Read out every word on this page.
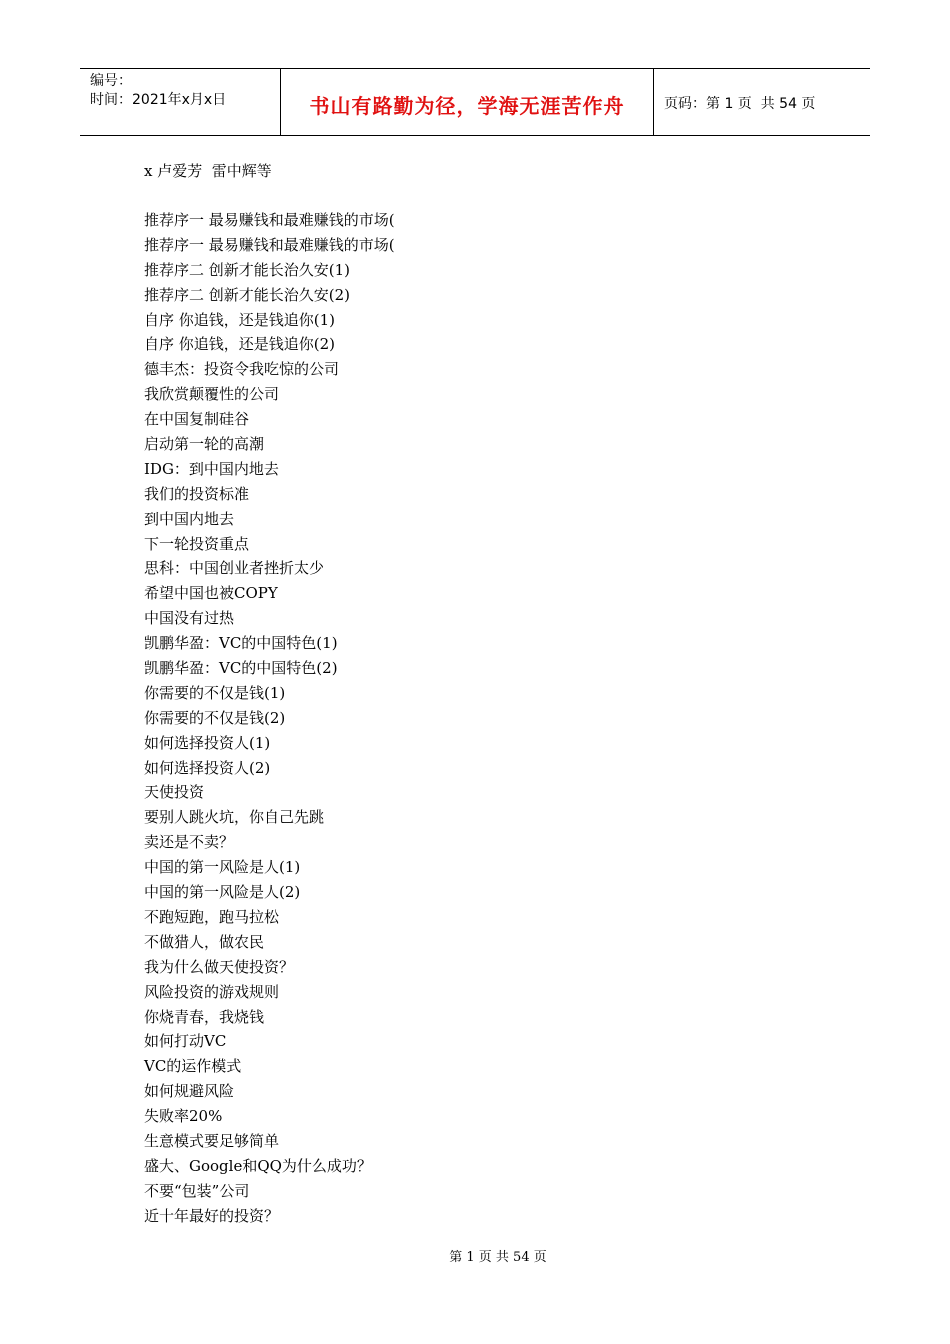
编号：
时间：2021年x月x日	书山有路勤为径，学海无涯苦作舟	页码：第 1 页  共 54 页
x 卢爱芳  雷中辉等
推荐序一 最易赚钱和最难赚钱的市场(
推荐序一 最易赚钱和最难赚钱的市场(
推荐序二 创新才能长治久安(1)
推荐序二 创新才能长治久安(2)
自序 你追钱，还是钱追你(1)
自序 你追钱，还是钱追你(2)
德丰杰：投资令我吃惊的公司
我欣赏颠覆性的公司
在中国复制硅谷
启动第一轮的高潮
IDG：到中国内地去
我们的投资标准
到中国内地去
下一轮投资重点
思科：中国创业者挫折太少
希望中国也被COPY
中国没有过热
凯鹏华盈：VC的中国特色(1)
凯鹏华盈：VC的中国特色(2)
你需要的不仅是钱(1)
你需要的不仅是钱(2)
如何选择投资人(1)
如何选择投资人(2)
天使投资
要别人跳火坑，你自己先跳
卖还是不卖？
中国的第一风险是人(1)
中国的第一风险是人(2)
不跑短跑，跑马拉松
不做猎人，做农民
我为什么做天使投资？
风险投资的游戏规则
你烧青春，我烧钱
如何打动VC
VC的运作模式
如何规避风险
失败率20%
生意模式要足够简单
盛大、Google和QQ为什么成功？
不要“包装”公司
近十年最好的投资？
第 1 页 共 54 页
